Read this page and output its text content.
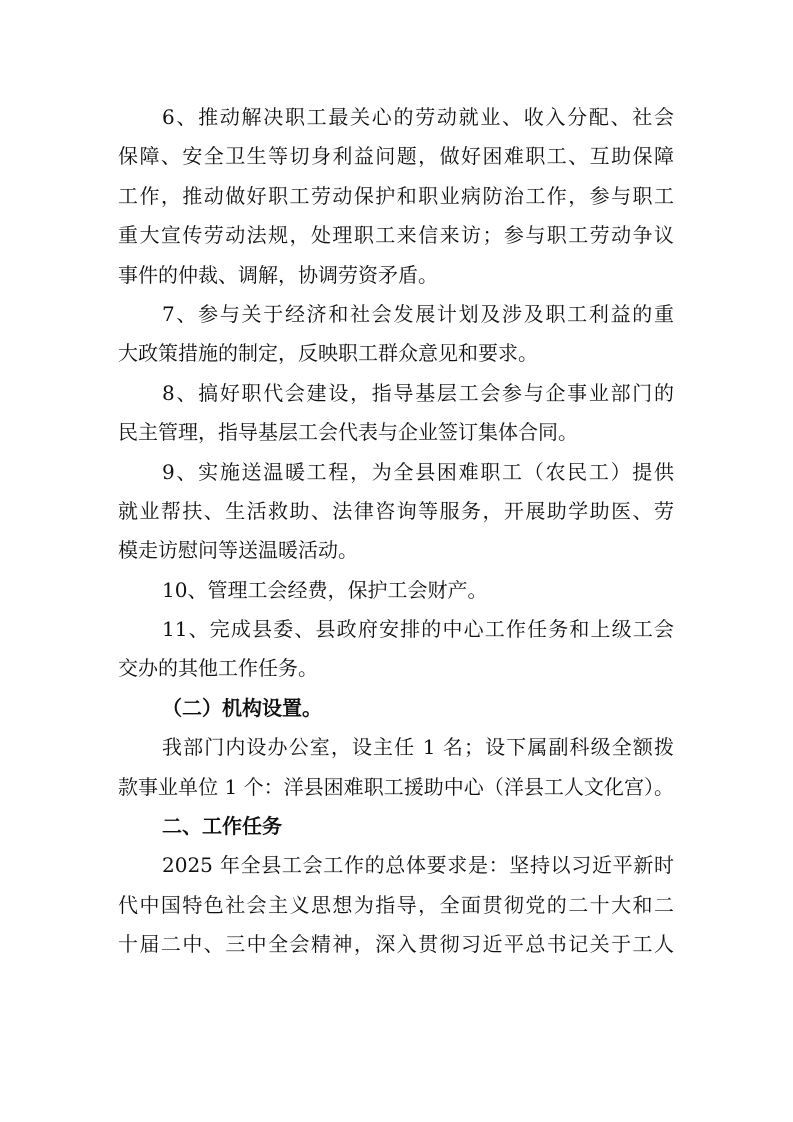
6、推动解决职工最关心的劳动就业、收入分配、社会
保障、安全卫生等切身利益问题，做好困难职工、互助保障
工作，推动做好职工劳动保护和职业病防治工作，参与职工
重大宣传劳动法规，处理职工来信来访；参与职工劳动争议
事件的仲裁、调解，协调劳资矛盾。
7、参与关于经济和社会发展计划及涉及职工利益的重
大政策措施的制定，反映职工群众意见和要求。
8、搞好职代会建设，指导基层工会参与企事业部门的
民主管理，指导基层工会代表与企业签订集体合同。
9、实施送温暖工程，为全县困难职工（农民工）提供
就业帮扶、生活救助、法律咨询等服务，开展助学助医、劳
模走访慰问等送温暖活动。
10、管理工会经费，保护工会财产。
11、完成县委、县政府安排的中心工作任务和上级工会
交办的其他工作任务。
（二）机构设置。
我部门内设办公室，设主任 1 名；设下属副科级全额拨
款事业单位 1 个：洋县困难职工援助中心（洋县工人文化宫）。
二、工作任务
2025 年全县工会工作的总体要求是：坚持以习近平新时
代中国特色社会主义思想为指导，全面贯彻党的二十大和二
十届二中、三中全会精神，深入贯彻习近平总书记关于工人
